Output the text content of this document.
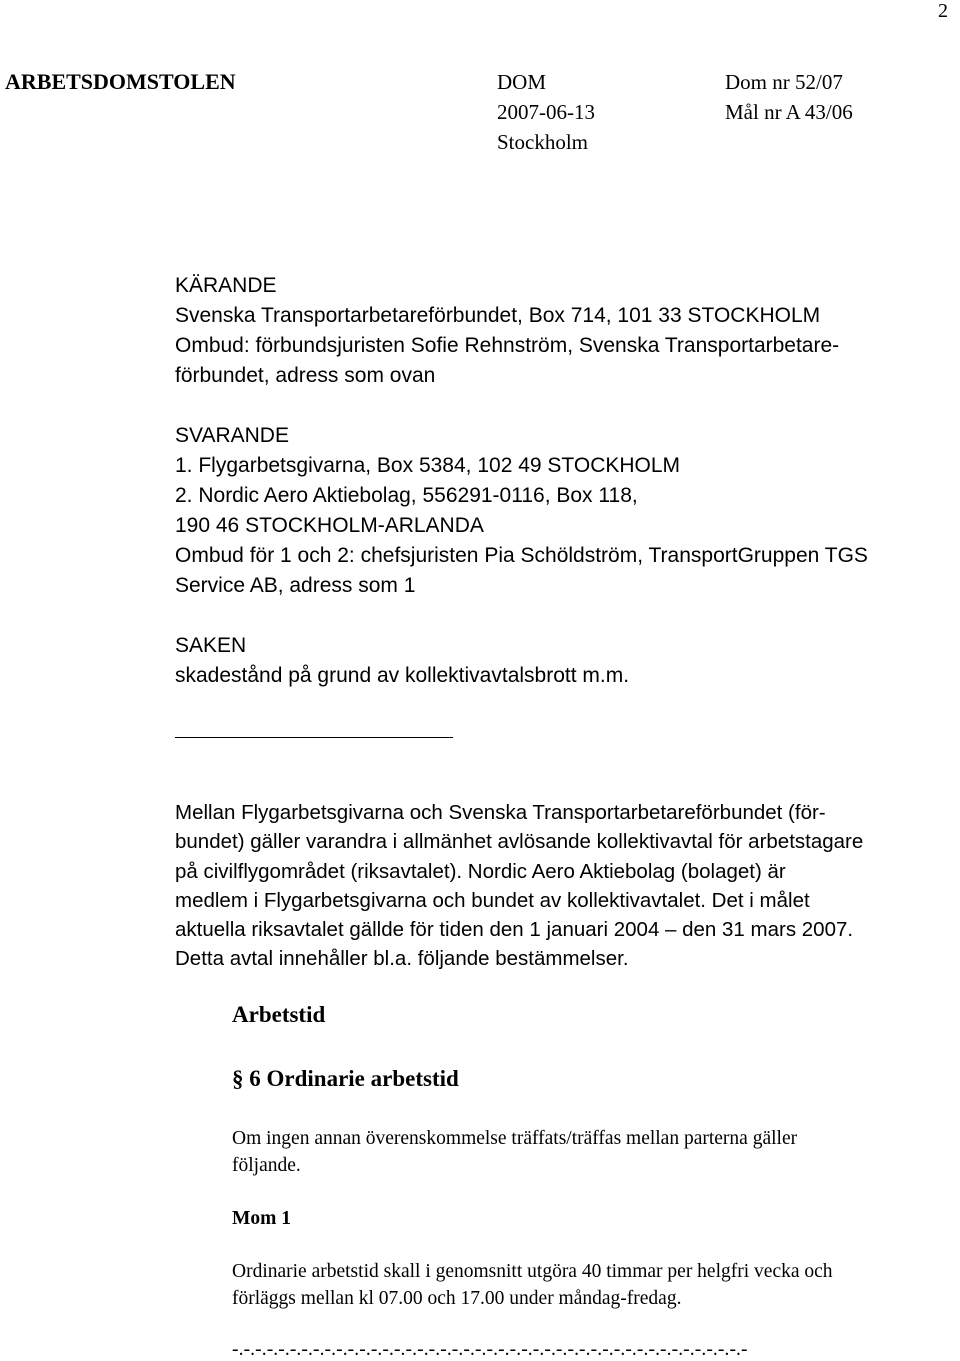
2
ARBETSDOMSTOLEN	DOM
2007-06-13
Stockholm
Dom nr 52/07
Mål nr A 43/06
KÄRANDE
Svenska Transportarbetareförbundet, Box 714, 101 33 STOCKHOLM
Ombud: förbundsjuristen Sofie Rehnström, Svenska Transportarbetare-
förbundet, adress som ovan
SVARANDE
1. Flygarbetsgivarna, Box 5384, 102 49 STOCKHOLM
2. Nordic Aero Aktiebolag, 556291-0116, Box 118,
190 46 STOCKHOLM-ARLANDA
Ombud för 1 och 2: chefsjuristen Pia Schöldström, TransportGruppen TGS
Service AB, adress som 1
SAKEN
skadestånd på grund av kollektivavtalsbrott m.m.
Mellan Flygarbetsgivarna och Svenska Transportarbetareförbundet (för-
bundet) gäller varandra i allmänhet avlösande kollektivavtal för arbetstagare
på civilflygområdet (riksavtalet). Nordic Aero Aktiebolag (bolaget) är
medlem i Flygarbetsgivarna och bundet av kollektivavtalet. Det i målet
aktuella riksavtalet gällde för tiden den 1 januari 2004 – den 31 mars 2007.
Detta avtal innehåller bl.a. följande bestämmelser.
Arbetstid
§ 6 Ordinarie arbetstid
Om ingen annan överenskommelse träffats/träffas mellan parterna gäller
följande.
Mom 1
Ordinarie arbetstid skall i genomsnitt utgöra 40 timmar per helgfri vecka och
förläggs mellan kl 07.00 och 17.00 under måndag-fredag.
-.-.-.-.-.-.-.-.-.-.-.-.-.-.-.-.-.-.-.-.-.-.-.-.-.-.-.-.-.-.-.-.-.-.-.-.-.-.-.-.-.-.-.-.-
